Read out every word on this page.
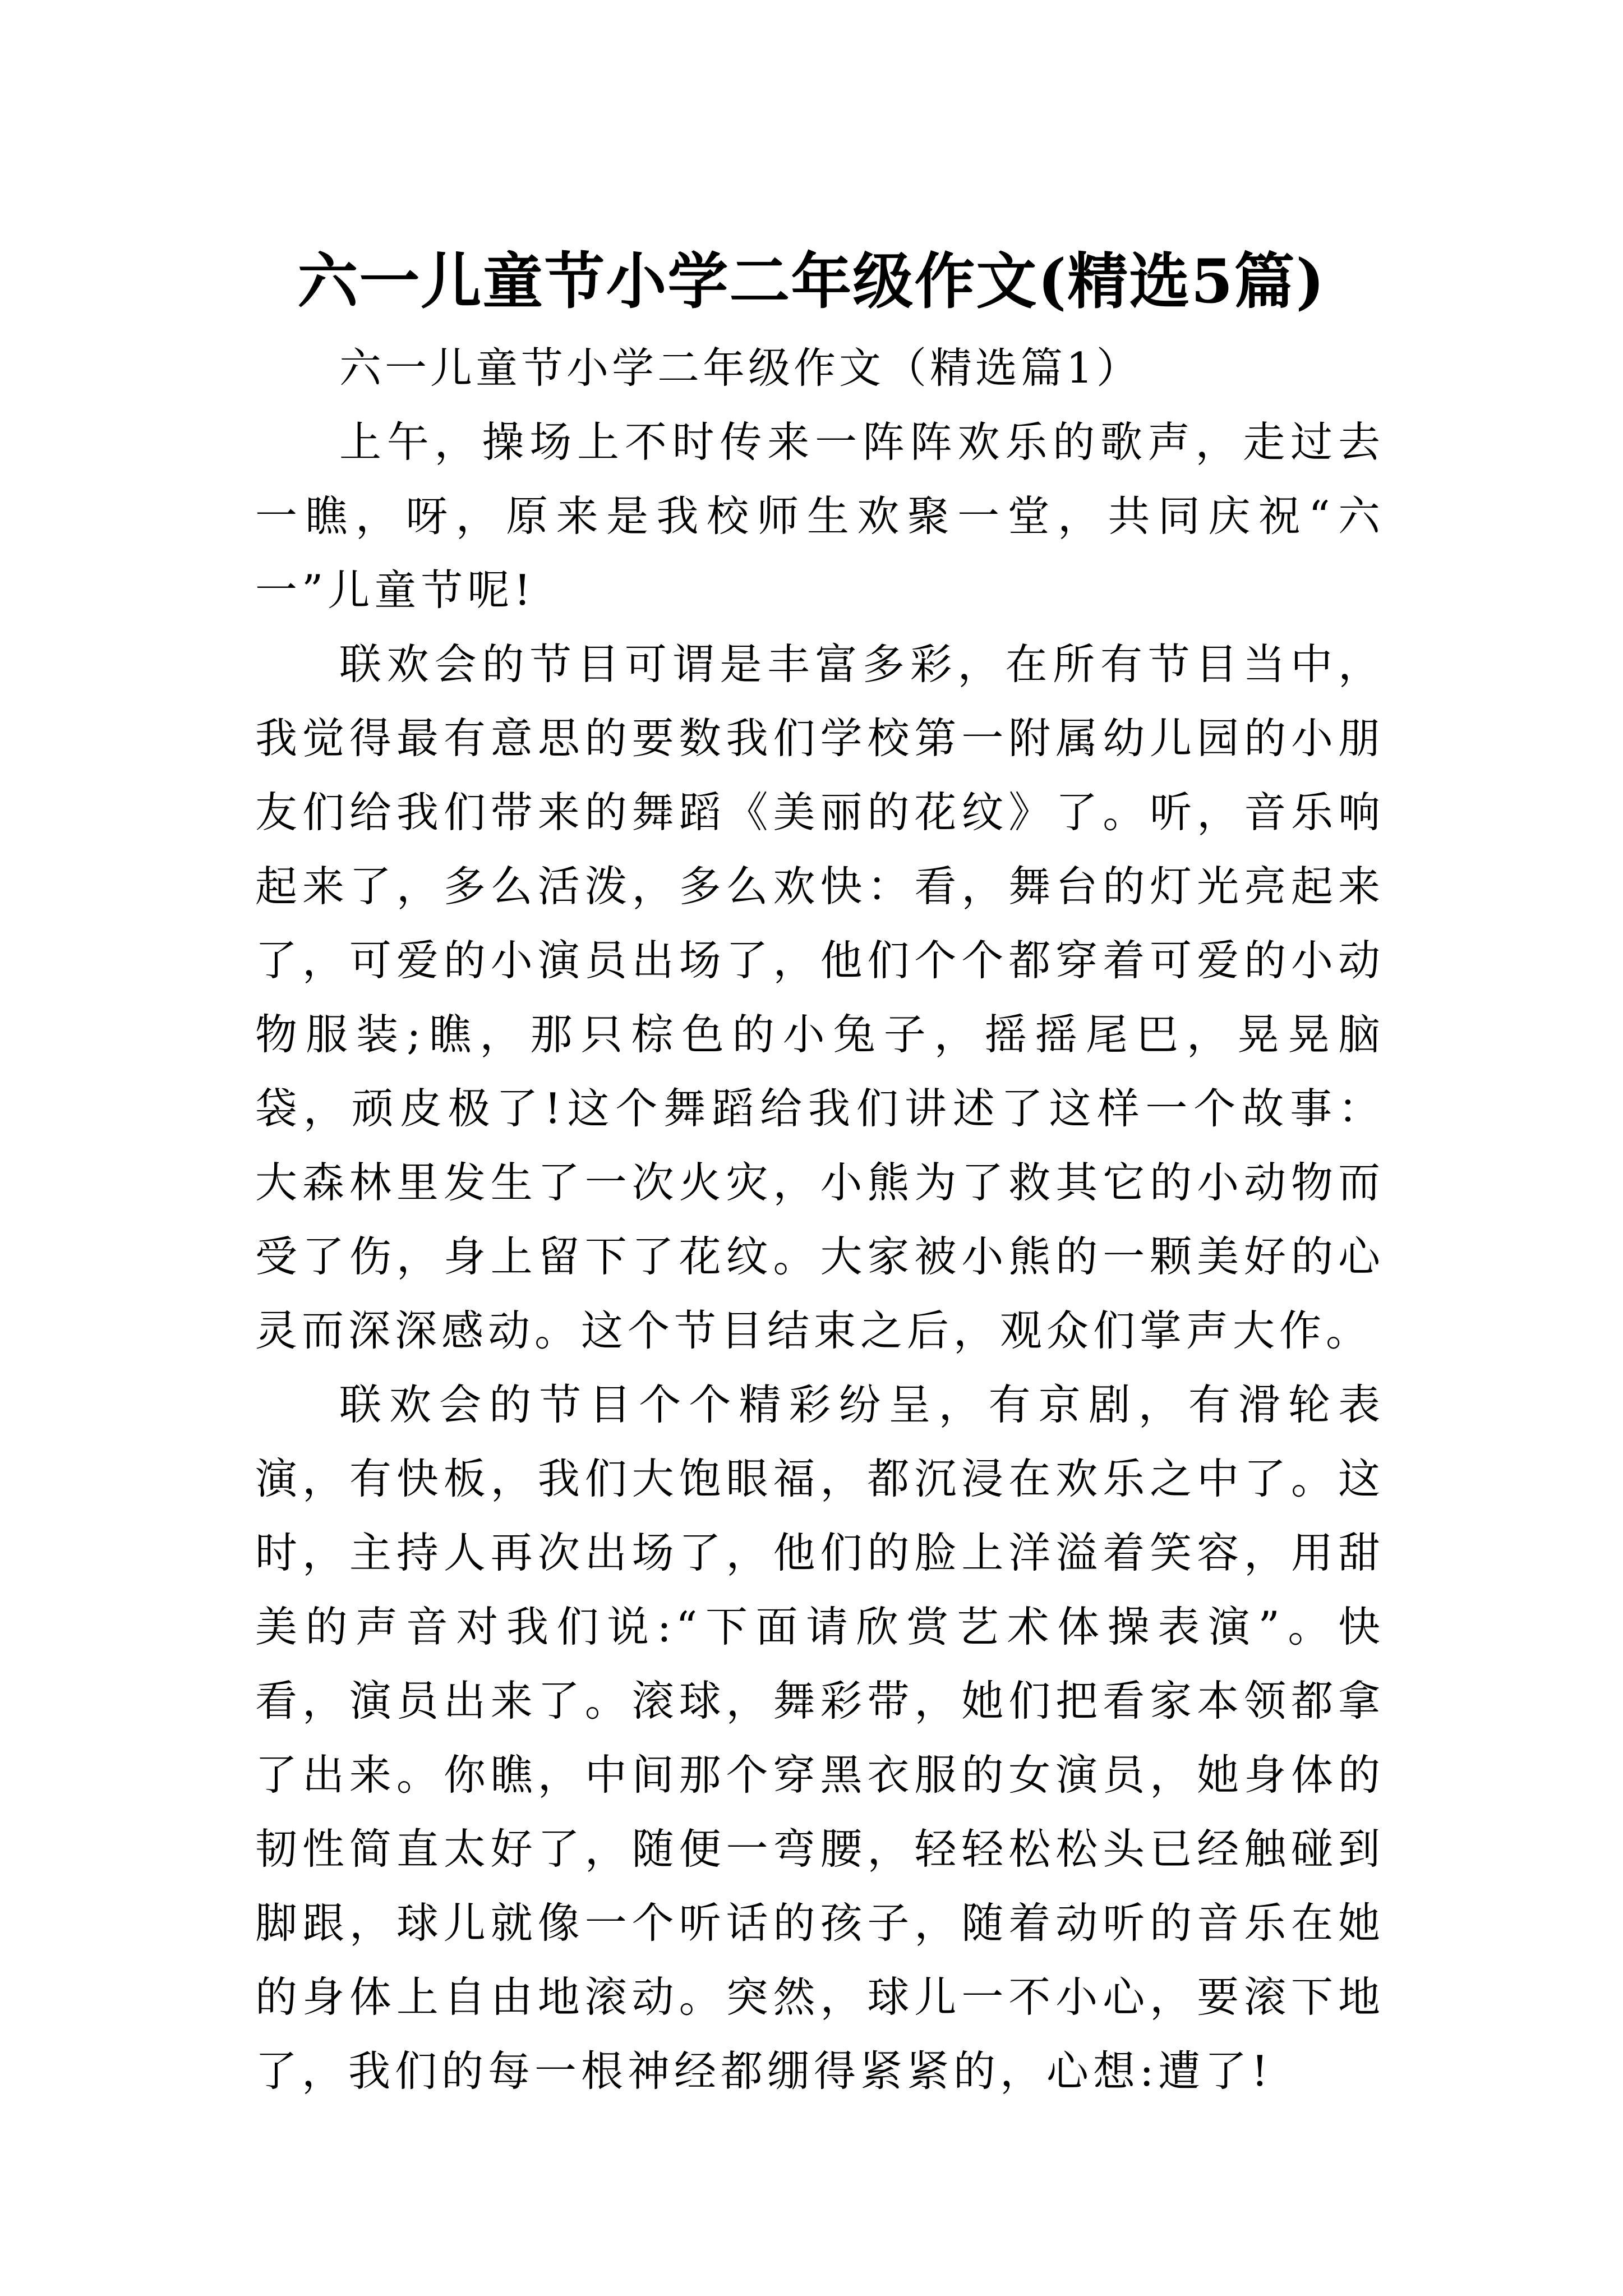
六一儿童节小学二年级作文(精选5篇)

六一儿童节小学二年级作文（精选篇1）

上午，操场上不时传来一阵阵欢乐的歌声，走过去一瞧，呀，原来是我校师生欢聚一堂，共同庆祝“六一”儿童节呢!

联欢会的节目可谓是丰富多彩，在所有节目当中，我觉得最有意思的要数我们学校第一附属幼儿园的小朋友们给我们带来的舞蹈《美丽的花纹》了。听，音乐响起来了，多么活泼，多么欢快：看，舞台的灯光亮起来了，可爱的小演员出场了，他们个个都穿着可爱的小动物服装;瞧，那只棕色的小兔子，摇摇尾巴，晃晃脑袋，顽皮极了!这个舞蹈给我们讲述了这样一个故事：大森林里发生了一次火灾，小熊为了救其它的小动物而受了伤，身上留下了花纹。大家被小熊的一颗美好的心灵而深深感动。这个节目结束之后，观众们掌声大作。

联欢会的节目个个精彩纷呈，有京剧，有滑轮表演，有快板，我们大饱眼福，都沉浸在欢乐之中了。这时，主持人再次出场了，他们的脸上洋溢着笑容，用甜美的声音对我们说:“下面请欣赏艺术体操表演”。快看，演员出来了。滚球，舞彩带，她们把看家本领都拿了出来。你瞧，中间那个穿黑衣服的女演员，她身体的韧性简直太好了，随便一弯腰，轻轻松松头已经触碰到脚跟，球儿就像一个听话的孩子，随着动听的音乐在她的身体上自由地滚动。突然，球儿一不小心，要滚下地了，我们的每一根神经都绷得紧紧的，心想:遭了!
